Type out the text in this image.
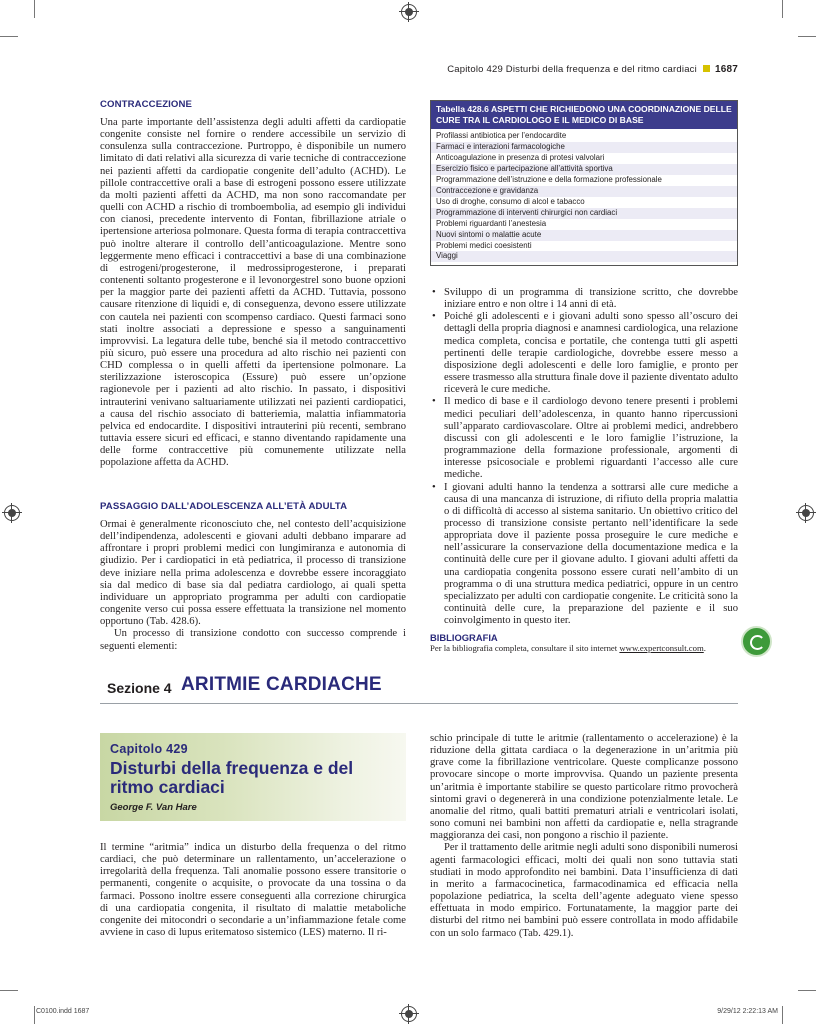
Capitolo 429 Disturbi della frequenza e del ritmo cardiaci 1687
CONTRACCEZIONE

Una parte importante dell’assistenza degli adulti affetti da cardiopatie congenite consiste nel fornire o rendere accessibile un servizio di consulenza sulla contraccezione. Purtroppo, è disponibile un numero limitato di dati relativi alla sicurezza di varie tecniche di contraccezione nei pazienti affetti da cardiopatie congenite dell’adulto (ACHD). Le pillole contraccettive orali a base di estrogeni possono essere utilizzate da molti pazienti affetti da ACHD, ma non sono raccomandate per quelli con ACHD a rischio di tromboembolia, ad esempio gli individui con cianosi, precedente intervento di Fontan, fibrillazione atriale o ipertensione arteriosa polmonare. Questa forma di terapia contraccettiva può inoltre alterare il controllo dell’anticoagulazione. Mentre sono leggermente meno efficaci i contraccettivi a base di una combinazione di estrogeni/progesterone, il medrossiprogesterone, i preparati contenenti soltanto progesterone e il levonorgestrel sono buone opzioni per la maggior parte dei pazienti affetti da ACHD. Tuttavia, possono causare ritenzione di liquidi e, di conseguenza, devono essere utilizzate con cautela nei pazienti con scompenso cardiaco. Questi farmaci sono stati inoltre associati a depressione e spesso a sanguinamenti improvvisi. La legatura delle tube, benché sia il metodo contraccettivo più sicuro, può essere una procedura ad alto rischio nei pazienti con CHD complessa o in quelli affetti da ipertensione polmonare. La sterilizzazione isteroscopica (Essure) può essere un’opzione ragionevole per i pazienti ad alto rischio. In passato, i dispositivi intrauterini venivano saltuariamente utilizzati nei pazienti cardiopatici, a causa del rischio associato di batteriemia, malattia infiammatoria pelvica ed endocardite. I dispositivi intrauterini più recenti, sembrano tuttavia essere sicuri ed efficaci, e stanno diventando rapidamente una delle forme contraccettive più comunemente utilizzate nella popolazione affetta da ACHD.

PASSAGGIO DALL’ADOLESCENZA ALL’ETÀ ADULTA

Ormai è generalmente riconosciuto che, nel contesto dell’acquisizione dell’indipendenza, adolescenti e giovani adulti debbano imparare ad affrontare i propri problemi medici con lungimiranza e autonomia di giudizio. Per i cardiopatici in età pediatrica, il processo di transizione deve iniziare nella prima adolescenza e dovrebbe essere incoraggiato sia dal medico di base sia dal pediatra cardiologo, ai quali spetta individuare un appropriato programma per adulti con cardiopatie congenite verso cui possa essere effettuata la transizione nel momento opportuno (Tab. 428.6).

Un processo di transizione condotto con successo comprende i seguenti elementi:

Tabella 428.6 ASPETTI CHE RICHIEDONO UNA COORDINAZIONE DELLE CURE TRA IL CARDIOLOGO E IL MEDICO DI BASE
Profilassi antibiotica per l’endocardite
Farmaci e interazioni farmacologiche
Anticoagulazione in presenza di protesi valvolari
Esercizio fisico e partecipazione all’attività sportiva
Programmazione dell’istruzione e della formazione professionale
Contraccezione e gravidanza
Uso di droghe, consumo di alcol e tabacco
Programmazione di interventi chirurgici non cardiaci
Problemi riguardanti l’anestesia
Nuovi sintomi o malattie acute
Problemi medici coesistenti
Viaggi
• Sviluppo di un programma di transizione scritto, che dovrebbe iniziare entro e non oltre i 14 anni di età.
• Poiché gli adolescenti e i giovani adulti sono spesso all’oscuro dei dettagli della propria diagnosi e anamnesi cardiologica, una relazione medica completa, concisa e portatile, che contenga tutti gli aspetti pertinenti delle terapie cardiologiche, dovrebbe essere messo a disposizione degli adolescenti e delle loro famiglie, e pronto per essere trasmesso alla struttura finale dove il paziente diventato adulto riceverà le cure mediche.
• Il medico di base e il cardiologo devono tenere presenti i problemi medici peculiari dell’adolescenza, in quanto hanno ripercussioni sull’apparato cardiovascolare. Oltre ai problemi medici, andrebbero discussi con gli adolescenti e le loro famiglie l’istruzione, la programmazione della formazione professionale, argomenti di interesse psicosociale e problemi riguardanti l’accesso alle cure mediche.
• I giovani adulti hanno la tendenza a sottrarsi alle cure mediche a causa di una mancanza di istruzione, di rifiuto della propria malattia o di difficoltà di accesso al sistema sanitario. Un obiettivo critico del processo di transizione consiste pertanto nell’identificare la sede appropriata dove il paziente possa proseguire le cure mediche e nell’assicurare la conservazione della documentazione medica e la continuità delle cure per il giovane adulto. I giovani adulti affetti da una cardiopatia congenita possono essere curati nell’ambito di un programma o di una struttura medica pediatrici, oppure in un centro specializzato per adulti con cardiopatie congenite. Le criticità sono la continuità delle cure, la preparazione del paziente e il suo coinvolgimento in questo iter.
BIBLIOGRAFIA
Per la bibliografia completa, consultare il sito internet www.expertconsult.com.
Sezione 4 ARITMIE CARDIACHE
Capitolo 429
Disturbi della frequenza e del ritmo cardiaci
George F. Van Hare

Il termine “aritmia” indica un disturbo della frequenza o del ritmo cardiaci, che può determinare un rallentamento, un’accelerazione o irregolarità della frequenza. Tali anomalie possono essere transitorie o permanenti, congenite o acquisite, o provocate da una tossina o da farmaci. Possono inoltre essere conseguenti alla correzione chirurgica di una cardiopatia congenita, il risultato di malattie metaboliche congenite dei mitocondri o secondarie a un’infiammazione fetale come avviene in caso di lupus eritematoso sistemico (LES) materno. Il ri-

schio principale di tutte le aritmie (rallentamento o accelerazione) è la riduzione della gittata cardiaca o la degenerazione in un’aritmia più grave come la fibrillazione ventricolare. Queste complicanze possono provocare sincope o morte improvvisa. Quando un paziente presenta un’aritmia è importante stabilire se questo particolare ritmo provocherà sintomi gravi o degenererà in una condizione potenzialmente letale. Le anomalie del ritmo, quali battiti prematuri atriali e ventricolari isolati, sono comuni nei bambini non affetti da cardiopatie e, nella stragrande maggioranza dei casi, non pongono a rischio il paziente.

Per il trattamento delle aritmie negli adulti sono disponibili numerosi agenti farmacologici efficaci, molti dei quali non sono tuttavia stati studiati in modo approfondito nei bambini. Data l’insufficienza di dati in merito a farmacocinetica, farmacodinamica ed efficacia nella popolazione pediatrica, la scelta dell’agente adeguato viene spesso effettuata in modo empirico. Fortunatamente, la maggior parte dei disturbi del ritmo nei bambini può essere controllata in modo affidabile con un solo farmaco (Tab. 429.1).

C0100.indd 1687	9/29/12 2:22:13 AM
